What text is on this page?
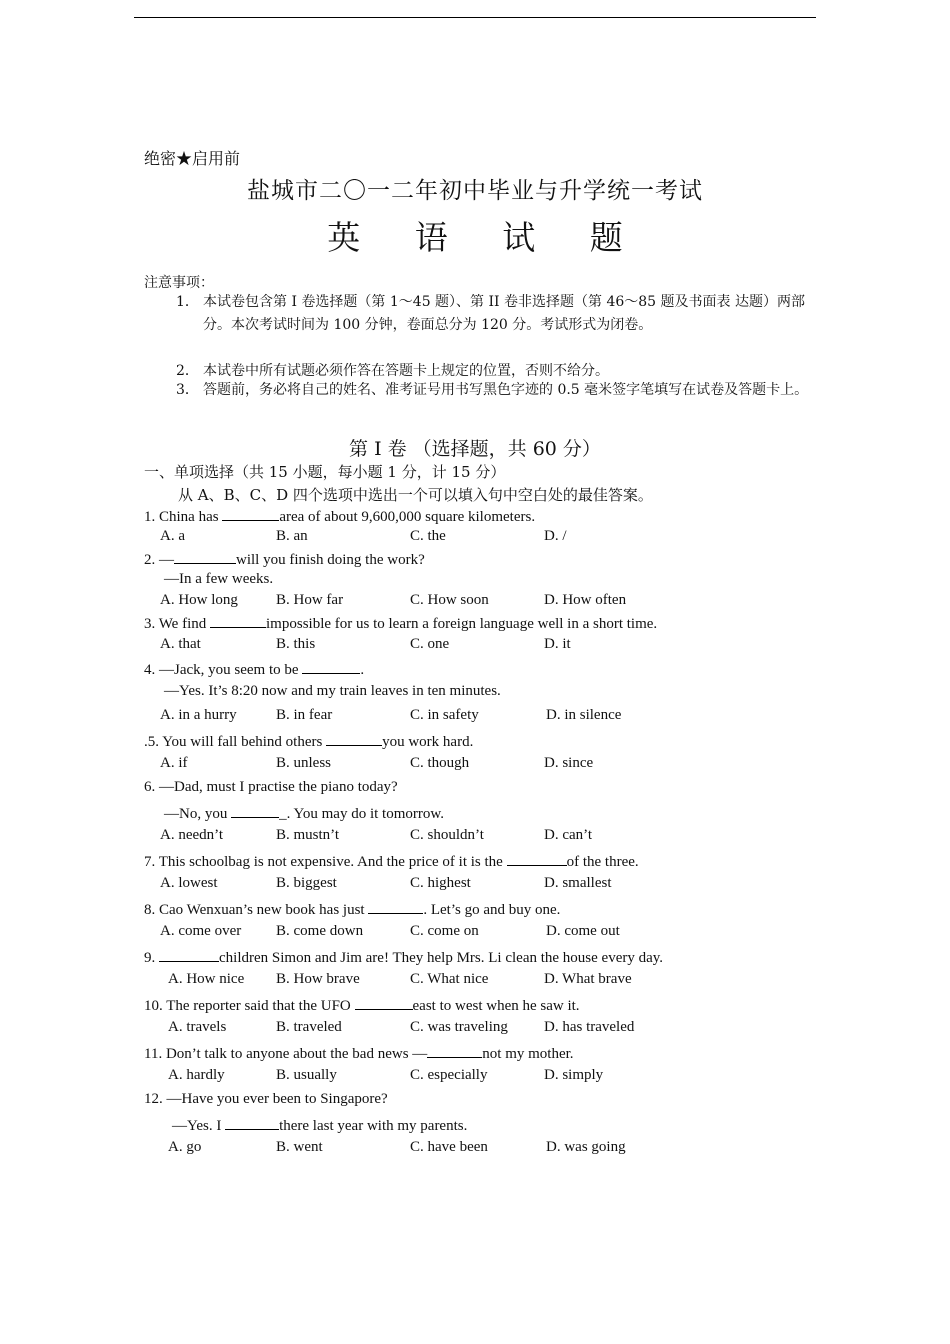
绝密★启用前
盐城市二〇一二年初中毕业与升学统一考试
英 语 试 题
注意事项：
1． 本试卷包含第 I 卷选择题（第 1～45 题）、第 II 卷非选择题（第 46～85 题及书面表 达题）两部分。本次考试时间为 100 分钟，卷面总分为 120 分。考试形式为闭卷。
2． 本试卷中所有试题必须作答在答题卡上规定的位置，否则不给分。
3． 答题前，务必将自己的姓名、准考证号用书写黑色字迹的 0.5 毫米签字笔填写在试卷及答题卡上。
第 I 卷 （选择题，共 60 分）
一、单项选择（共 15 小题，每小题 1 分，计 15 分）
从 A、B、C、D 四个选项中选出一个可以填入句中空白处的最佳答案。
1. China has	area of about 9,600,000 square kilometers.
A. a	B. an	C. the	D. /
2. —	will you finish doing the work?
—In a few weeks.
A. How long	B. How far	C. How soon	D. How often
3. We find	impossible for us to learn a foreign language well in a short time.
A. that	B. this	C. one	D. it
4. —Jack, you seem to be	.
—Yes. It’s 8:20 now and my train leaves in ten minutes.
A. in a hurry	B. in fear	C. in safety	D. in silence
.5. You will fall behind others	you work hard.
A. if	B. unless	C. though	D. since
6. —Dad, must I practise the piano today?
—No, you	_. You may do it tomorrow.
A. needn’t	B. mustn’t	C. shouldn’t	D. can’t
7. This schoolbag is not expensive. And the price of it is the	of the three.
A. lowest	B. biggest	C. highest	D. smallest
8. Cao Wenxuan’s new book has just	. Let’s go and buy one.
A. come over B. come down	C. come on	D. come out
9.	children Simon and Jim are! They help Mrs. Li clean the house every day.
A. How nice B. How brave	C. What nice	D. What brave
10. The reporter said that the UFO	east to west when he saw it.
A. travels	B. traveled	C. was traveling D. has traveled
11. Don’t talk to anyone about the bad news —	not my mother.
A. hardly	B. usually	C. especially	D. simply
12. —Have you ever been to Singapore?
—Yes. I	there last year with my parents.
A. go	B. went	C. have been	D. was going
